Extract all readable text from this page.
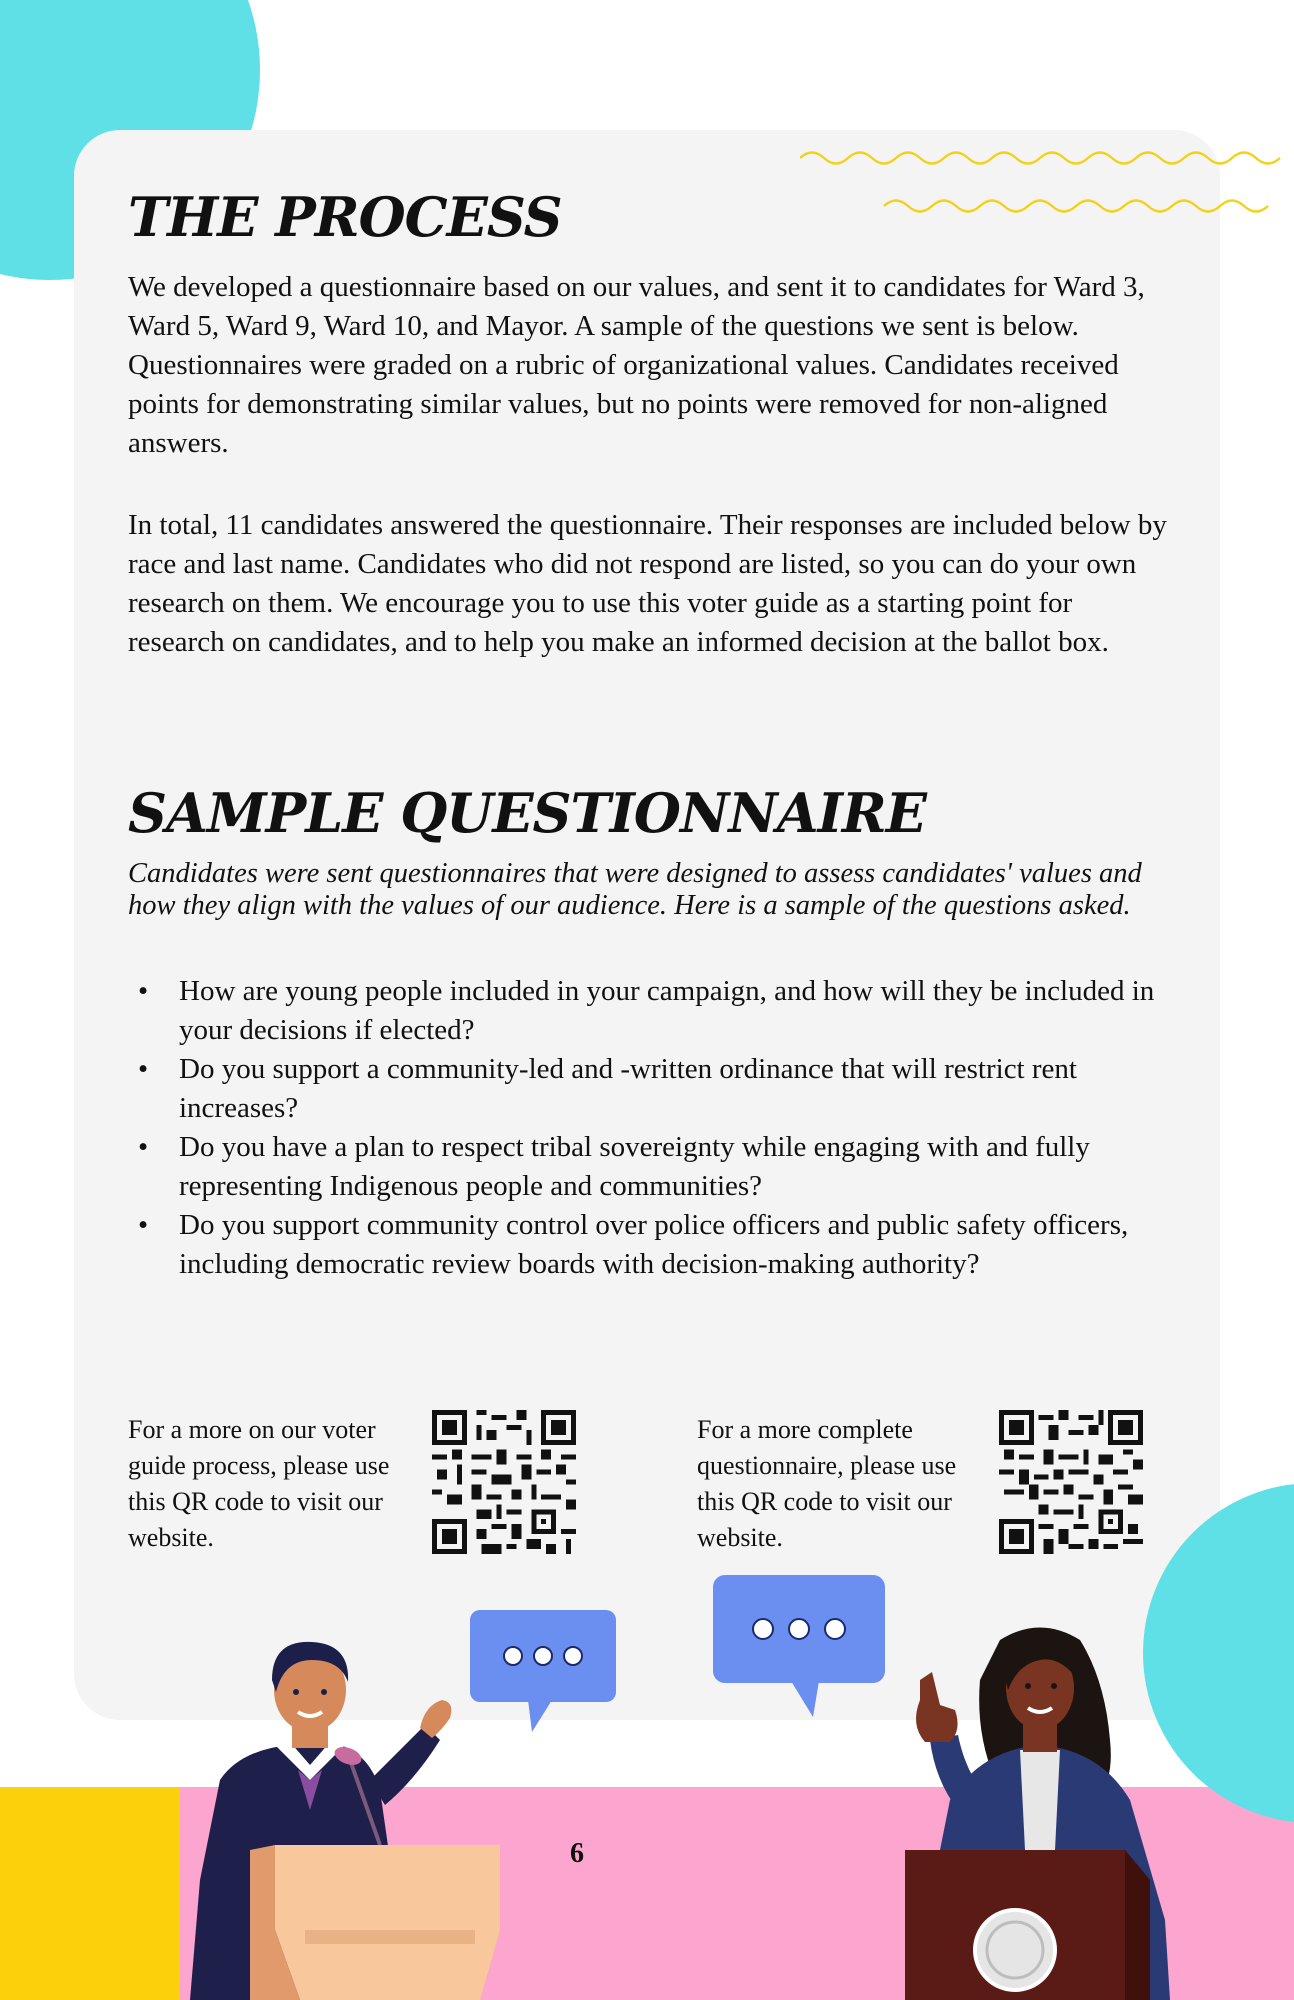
THE PROCESS

We developed a questionnaire based on our values, and sent it to candidates for Ward 3, Ward 5, Ward 9, Ward 10, and Mayor. A sample of the questions we sent is below. Questionnaires were graded on a rubric of organizational values. Candidates received points for demonstrating similar values, but no points were removed for non-aligned answers.

In total, 11 candidates answered the questionnaire. Their responses are included below by race and last name. Candidates who did not respond are listed, so you can do your own research on them. We encourage you to use this voter guide as a starting point for research on candidates, and to help you make an informed decision at the ballot box.

SAMPLE QUESTIONNAIRE

Candidates were sent questionnaires that were designed to assess candidates' values and how they align with the values of our audience. Here is a sample of the questions asked.

• How are young people included in your campaign, and how will they be included in your decisions if elected?
• Do you support a community-led and -written ordinance that will restrict rent increases?
• Do you have a plan to respect tribal sovereignty while engaging with and fully representing Indigenous people and communities?
• Do you support community control over police officers and public safety officers, including democratic review boards with decision-making authority?

For a more on our voter guide process, please use this QR code to visit our website.

For a more complete questionnaire, please use this QR code to visit our website.

6
